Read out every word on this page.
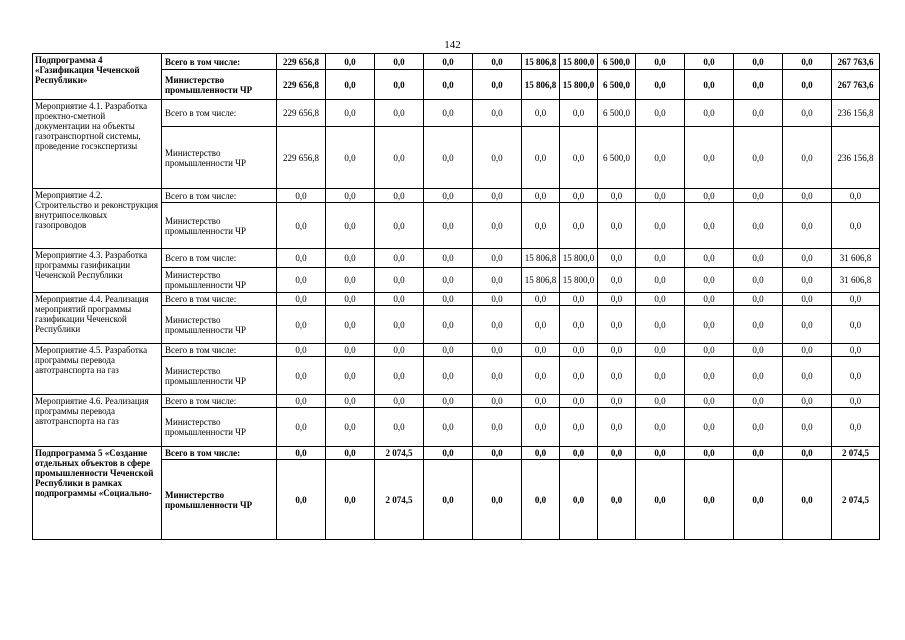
142
Подпрограмма 4 «Газификация Чеченской Республики»	Всего в том числе:	229 656,8	0,0	0,0	0,0	0,0	15 806,8	15 800,0	6 500,0	0,0	0,0	0,0	0,0	267 763,6
	Министерство промышленности ЧР	229 656,8	0,0	0,0	0,0	0,0	15 806,8	15 800,0	6 500,0	0,0	0,0	0,0	0,0	267 763,6
Мероприятие 4.1. Разработка проектно-сметной документации на объекты газотранспортной системы, проведение госэкспертизы	Всего в том числе:	229 656,8	0,0	0,0	0,0	0,0	0,0	0,0	6 500,0	0,0	0,0	0,0	0,0	236 156,8
	Министерство промышленности ЧР	229 656,8	0,0	0,0	0,0	0,0	0,0	0,0	6 500,0	0,0	0,0	0,0	0,0	236 156,8
Мероприятие 4.2. Строительство и реконструкция внутрипоселковых газопроводов	Всего в том числе:	0,0	0,0	0,0	0,0	0,0	0,0	0,0	0,0	0,0	0,0	0,0	0,0	0,0
	Министерство промышленности ЧР	0,0	0,0	0,0	0,0	0,0	0,0	0,0	0,0	0,0	0,0	0,0	0,0	0,0
Мероприятие 4.3. Разработка программы газификации Чеченской Республики	Всего в том числе:	0,0	0,0	0,0	0,0	0,0	15 806,8	15 800,0	0,0	0,0	0,0	0,0	0,0	31 606,8
	Министерство промышленности ЧР	0,0	0,0	0,0	0,0	0,0	15 806,8	15 800,0	0,0	0,0	0,0	0,0	0,0	31 606,8
Мероприятие 4.4. Реализация мероприятий программы газификации Чеченской Республики	Всего в том числе:	0,0	0,0	0,0	0,0	0,0	0,0	0,0	0,0	0,0	0,0	0,0	0,0	0,0
	Министерство промышленности ЧР	0,0	0,0	0,0	0,0	0,0	0,0	0,0	0,0	0,0	0,0	0,0	0,0	0,0
Мероприятие 4.5. Разработка программы перевода автотранспорта на газ	Всего в том числе:	0,0	0,0	0,0	0,0	0,0	0,0	0,0	0,0	0,0	0,0	0,0	0,0	0,0
	Министерство промышленности ЧР	0,0	0,0	0,0	0,0	0,0	0,0	0,0	0,0	0,0	0,0	0,0	0,0	0,0
Мероприятие 4.6. Реализация программы перевода автотранспорта на газ	Всего в том числе:	0,0	0,0	0,0	0,0	0,0	0,0	0,0	0,0	0,0	0,0	0,0	0,0	0,0
	Министерство промышленности ЧР	0,0	0,0	0,0	0,0	0,0	0,0	0,0	0,0	0,0	0,0	0,0	0,0	0,0
Подпрограмма 5 «Создание отдельных объектов в сфере промышленности Чеченской Республики в рамках подпрограммы «Социально-	Всего в том числе:	0,0	0,0	2 074,5	0,0	0,0	0,0	0,0	0,0	0,0	0,0	0,0	0,0	2 074,5
	Министерство промышленности ЧР	0,0	0,0	2 074,5	0,0	0,0	0,0	0,0	0,0	0,0	0,0	0,0	0,0	2 074,5
